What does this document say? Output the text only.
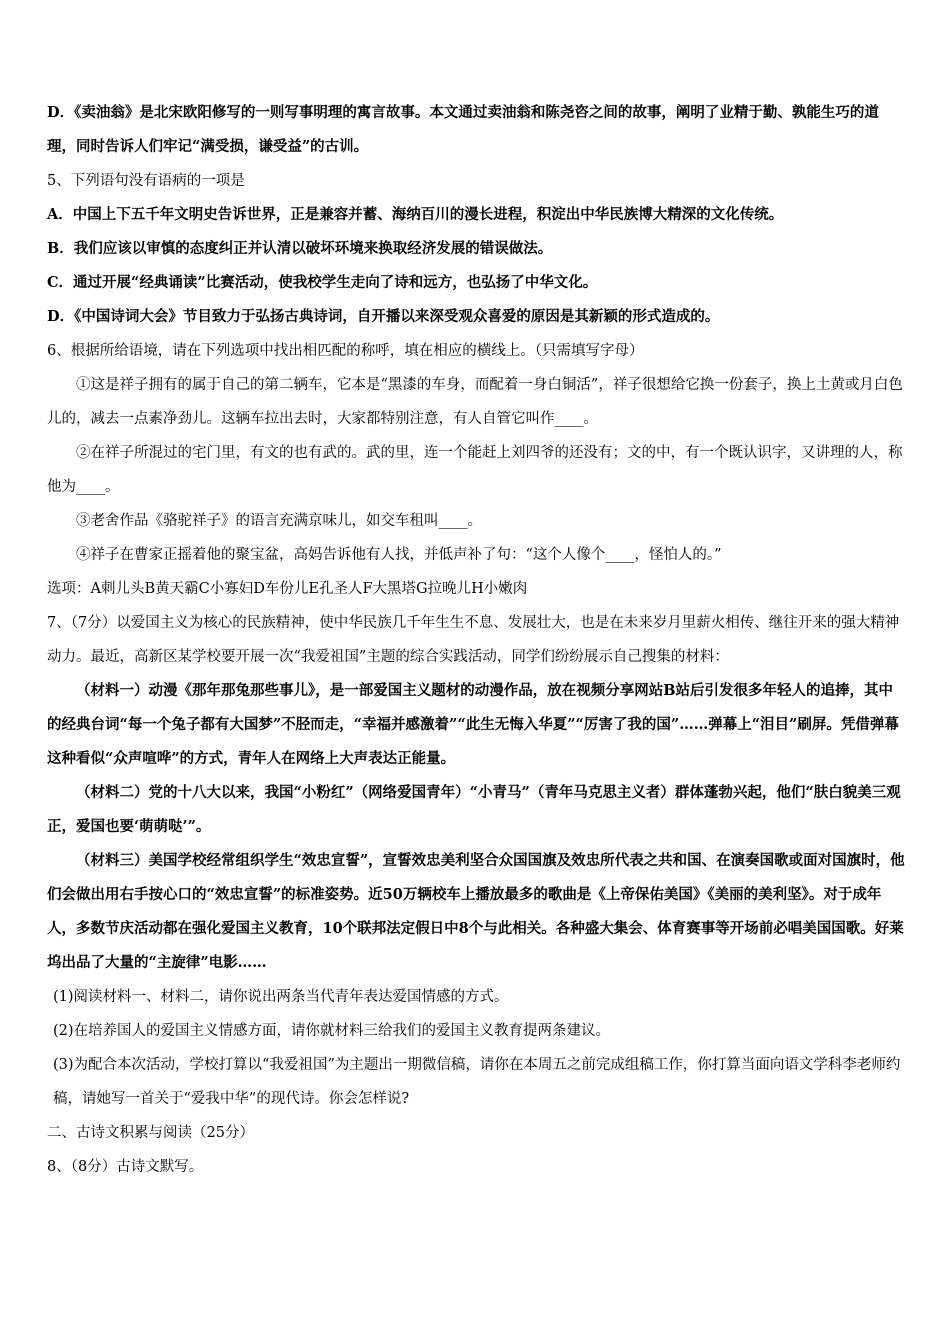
D．《卖油翁》是北宋欧阳修写的一则写事明理的寓言故事。本文通过卖油翁和陈尧咨之间的故事，阐明了业精于勤、孰能生巧的道理，同时告诉人们牢记“满受损，谦受益”的古训。

5、下列语句没有语病的一项是

A．中国上下五千年文明史告诉世界，正是兼容并蓄、海纳百川的漫长进程，积淀出中华民族博大精深的文化传统。

B．我们应该以审慎的态度纠正并认清以破坏环境来换取经济发展的错误做法。

C．通过开展“经典诵读”比赛活动，使我校学生走向了诗和远方，也弘扬了中华文化。

D．《中国诗词大会》节目致力于弘扬古典诗词，自开播以来深受观众喜爱的原因是其新颖的形式造成的。

6、根据所给语境，请在下列选项中找出相匹配的称呼，填在相应的横线上。（只需填写字母）

①这是祥子拥有的属于自己的第二辆车，它本是“黑漆的车身，而配着一身白铜活”，祥子很想给它换一份套子，换上土黄或月白色儿的，减去一点素净劲儿。这辆车拉出去时，大家都特别注意，有人自管它叫作____。

②在祥子所混过的宅门里，有文的也有武的。武的里，连一个能赶上刘四爷的还没有；文的中，有一个既认识字，又讲理的人，称他为____。

③老舍作品《骆驼祥子》的语言充满京味儿，如交车租叫____。

④祥子在曹家正摇着他的聚宝盆，高妈告诉他有人找，并低声补了句：“这个人像个____，怪怕人的。”

选项： A刺儿头 B黄天霸 C小寡妇 D车份儿 E孔圣人 F大黑塔 G拉晚儿 H小嫩肉

7、（7分）以爱国主义为核心的民族精神，使中华民族几千年生生不息、发展壮大，也是在未来岁月里薪火相传、继往开来的强大精神动力。最近，高新区某学校要开展一次“我爱祖国”主题的综合实践活动，同学们纷纷展示自己搜集的材料：

（材料一）动漫《那年那兔那些事儿》，是一部爱国主义题材的动漫作品，放在视频分享网站B站后引发很多年轻人的追捧，其中的经典台词“每一个兔子都有大国梦”不胫而走，“幸福并感激着”“此生无悔入华夏”“厉害了我的国”……弹幕上“泪目”刷屏。凭借弹幕这种看似“众声喧哗”的方式，青年人在网络上大声表达正能量。

（材料二）党的十八大以来，我国“小粉红”（网络爱国青年）“小青马”（青年马克思主义者）群体蓬勃兴起，他们“肤白貌美三观正，爱国也要‘萌萌哒’”。

（材料三）美国学校经常组织学生“效忠宣誓”，宣誓效忠美利坚合众国国旗及效忠所代表之共和国、在演奏国歌或面对国旗时，他们会做出用右手按心口的“效忠宣誓”的标准姿势。近50万辆校车上播放最多的歌曲是《上帝保佑美国》《美丽的美利坚》。对于成年人，多数节庆活动都在强化爱国主义教育，10个联邦法定假日中8个与此相关。各种盛大集会、体育赛事等开场前必唱美国国歌。好莱坞出品了大量的“主旋律”电影……

(1)阅读材料一、材料二，请你说出两条当代青年表达爱国情感的方式。

(2)在培养国人的爱国主义情感方面，请你就材料三给我们的爱国主义教育提两条建议。

(3)为配合本次活动，学校打算以“我爱祖国”为主题出一期微信稿，请你在本周五之前完成组稿工作，你打算当面向语文学科李老师约稿，请她写一首关于“爱我中华”的现代诗。你会怎样说?

二、古诗文积累与阅读（25分）

8、（8分）古诗文默写。
